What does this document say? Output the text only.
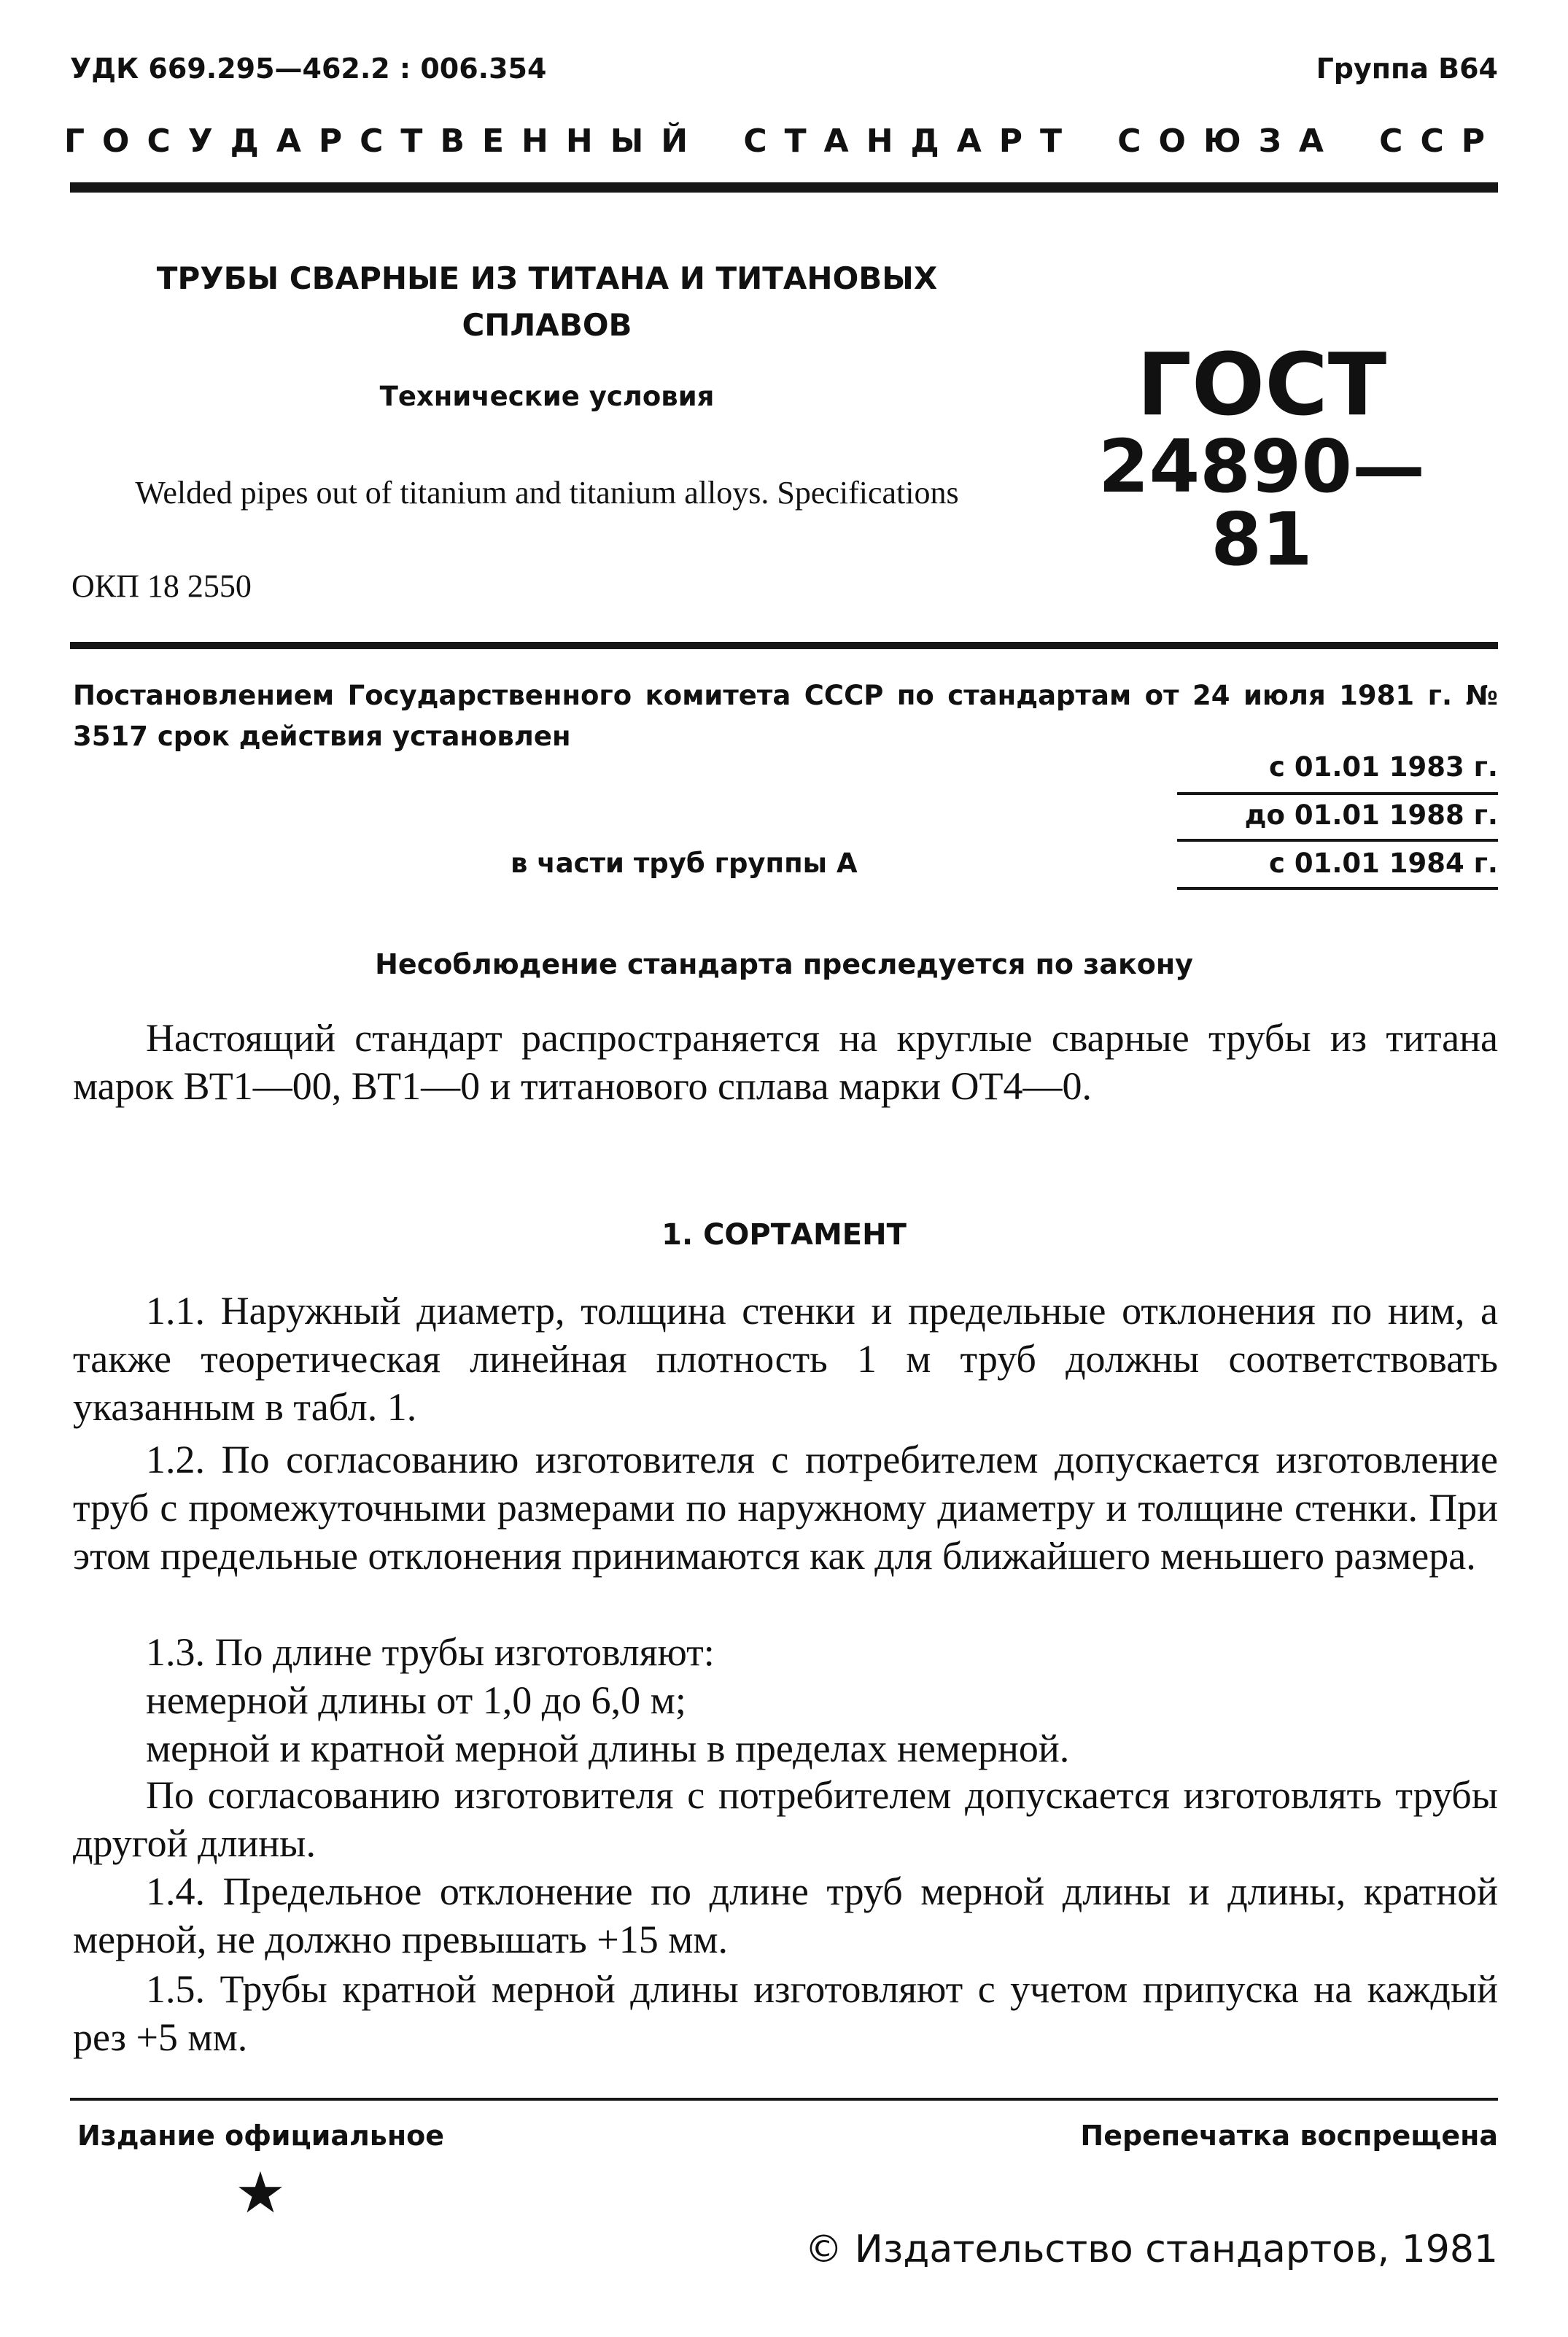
УДК 669.295—462.2 : 006.354	Группа В64
ГОСУДАРСТВЕННЫЙ СТАНДАРТ СОЮЗА ССР
ТРУБЫ СВАРНЫЕ ИЗ ТИТАНА И ТИТАНОВЫХ СПЛАВОВ
Технические условия
Welded pipes out of titanium and titanium alloys. Specifications
ОКП 18 2550
ГОСТ
24890—81
Постановлением Государственного комитета СССР по стандартам от 24 июля 1981 г. № 3517 срок действия установлен
с 01.01 1983 г.
до 01.01 1988 г.
в части труб группы А	с 01.01 1984 г.
Несоблюдение стандарта преследуется по закону
Настоящий стандарт распространяется на круглые сварные трубы из титана марок ВТ1—00, ВТ1—0 и титанового сплава марки ОТ4—0.
1. СОРТАМЕНТ
1.1. Наружный диаметр, толщина стенки и предельные отклонения по ним, а также теоретическая линейная плотность 1 м труб должны соответствовать указанным в табл. 1.
1.2. По согласованию изготовителя с потребителем допускается изготовление труб с промежуточными размерами по наружному диаметру и толщине стенки. При этом предельные отклонения принимаются как для ближайшего меньшего размера.
1.3. По длине трубы изготовляют:
немерной длины от 1,0 до 6,0 м;
мерной и кратной мерной длины в пределах немерной.
По согласованию изготовителя с потребителем допускается изготовлять трубы другой длины.
1.4. Предельное отклонение по длине труб мерной длины и длины, кратной мерной, не должно превышать +15 мм.
1.5. Трубы кратной мерной длины изготовляют с учетом припуска на каждый рез +5 мм.
Издание официальное	Перепечатка воспрещена
★
© Издательство стандартов, 1981
